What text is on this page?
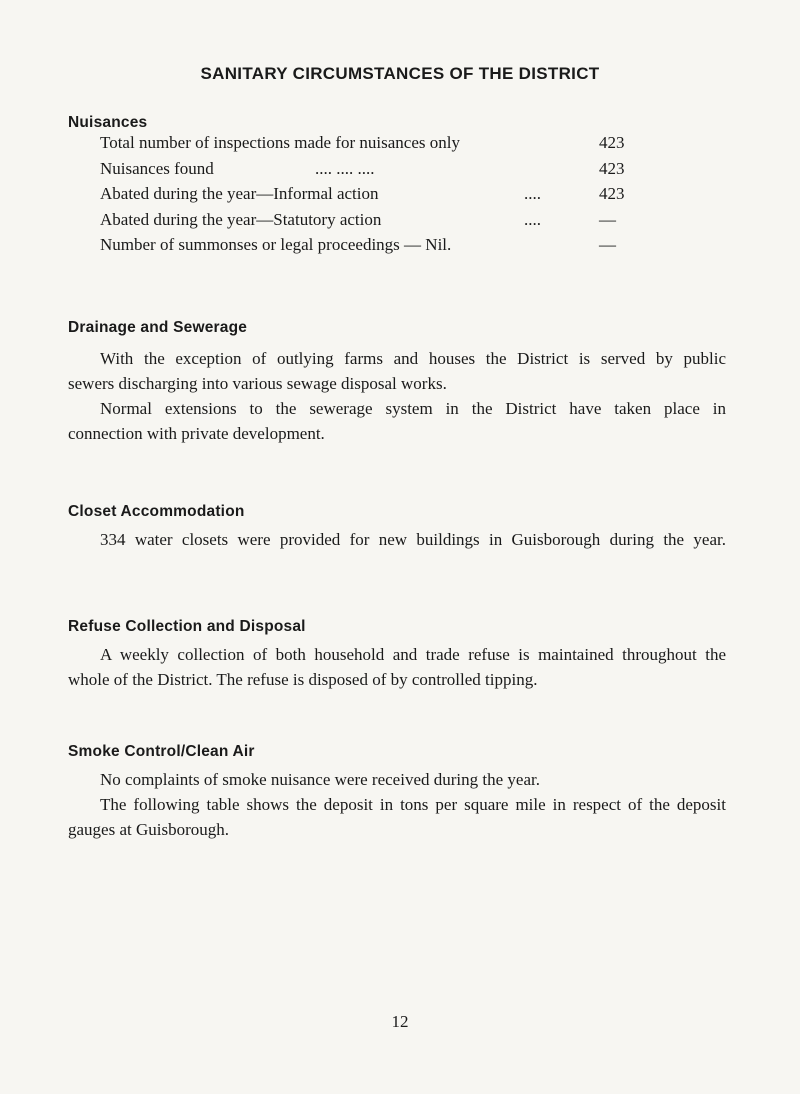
SANITARY CIRCUMSTANCES OF THE DISTRICT
Nuisances
Total number of inspections made for nuisances only	423
Nuisances found	.... .... ....	423
Abated during the year—Informal action	....	423
Abated during the year—Statutory action	....	—
Number of summonses or legal proceedings — Nil.	—
Drainage and Sewerage
With the exception of outlying farms and houses the District is served by public
sewers discharging into various sewage disposal works.
Normal extensions to the sewerage system in the District have taken place in
connection with private development.
Closet Accommodation
334 water closets were provided for new buildings in Guisborough during the year.
Refuse Collection and Disposal
A weekly collection of both household and trade refuse is maintained throughout the
whole of the District. The refuse is disposed of by controlled tipping.
Smoke Control/Clean Air
No complaints of smoke nuisance were received during the year.
The following table shows the deposit in tons per square mile in respect of the deposit
gauges at Guisborough.
12
